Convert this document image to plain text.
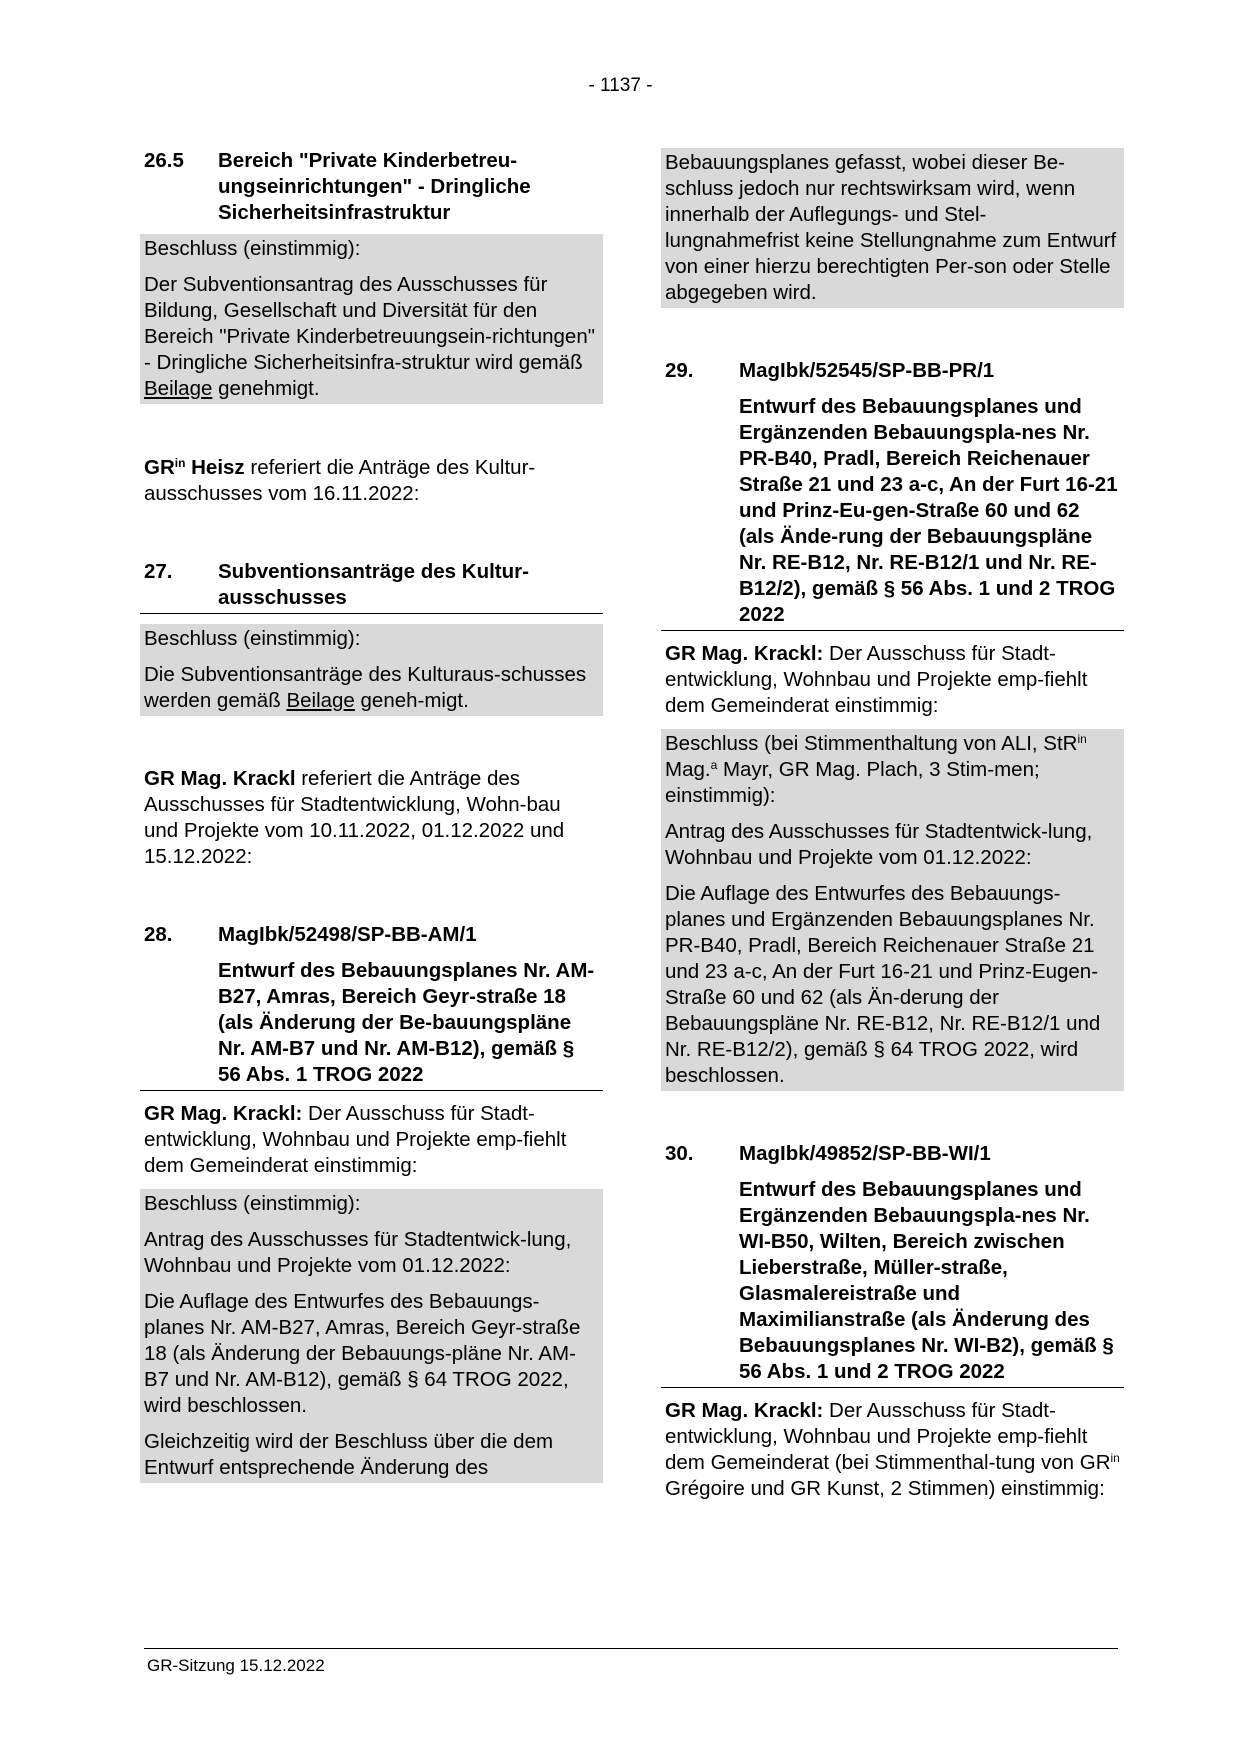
- 1137 -
26.5	Bereich "Private Kinderbetreu-ungseinrichtungen" - Dringliche Sicherheitsinfrastruktur

Beschluss (einstimmig):

Der Subventionsantrag des Ausschusses für Bildung, Gesellschaft und Diversität für den Bereich "Private Kinderbetreuungsein-richtungen" - Dringliche Sicherheitsinfra-struktur wird gemäß Beilage genehmigt.

$GR^{in}$ Heisz referiert die Anträge des Kultur-ausschusses vom 16.11.2022:

27.	Subventionsanträge des Kultur-ausschusses

Beschluss (einstimmig):

Die Subventionsanträge des Kulturaus-schusses werden gemäß Beilage geneh-migt.

GR Mag. Krackl referiert die Anträge des Ausschusses für Stadtentwicklung, Wohn-bau und Projekte vom 10.11.2022, 01.12.2022 und 15.12.2022:

28.	MagIbk/52498/SP-BB-AM/1
Entwurf des Bebauungsplanes Nr. AM-B27, Amras, Bereich Geyr-straße 18 (als Änderung der Be-bauungspläne Nr. AM-B7 und Nr. AM-B12), gemäß § 56 Abs. 1 TROG 2022

GR Mag. Krackl: Der Ausschuss für Stadt-entwicklung, Wohnbau und Projekte emp-fiehlt dem Gemeinderat einstimmig:

Beschluss (einstimmig):

Antrag des Ausschusses für Stadtentwick-lung, Wohnbau und Projekte vom 01.12.2022:

Die Auflage des Entwurfes des Bebauungs-planes Nr. AM-B27, Amras, Bereich Geyr-straße 18 (als Änderung der Bebauungs-pläne Nr. AM-B7 und Nr. AM-B12), gemäß § 64 TROG 2022, wird beschlossen.

Gleichzeitig wird der Beschluss über die dem Entwurf entsprechende Änderung des

Bebauungsplanes gefasst, wobei dieser Be-schluss jedoch nur rechtswirksam wird, wenn innerhalb der Auflegungs- und Stel-lungnahmefrist keine Stellungnahme zum Entwurf von einer hierzu berechtigten Per-son oder Stelle abgegeben wird.

29.	MagIbk/52545/SP-BB-PR/1
Entwurf des Bebauungsplanes und Ergänzenden Bebauungspla-nes Nr. PR-B40, Pradl, Bereich Reichenauer Straße 21 und 23 a-c, An der Furt 16-21 und Prinz-Eu-gen-Straße 60 und 62 (als Ände-rung der Bebauungspläne Nr. RE-B12, Nr. RE-B12/1 und Nr. RE-B12/2), gemäß § 56 Abs. 1 und 2 TROG 2022

GR Mag. Krackl: Der Ausschuss für Stadt-entwicklung, Wohnbau und Projekte emp-fiehlt dem Gemeinderat einstimmig:

Beschluss (bei Stimmenthaltung von ALI, StR$^{in}$ Mag.$^a$ Mayr, GR Mag. Plach, 3 Stim-men; einstimmig):

Antrag des Ausschusses für Stadtentwick-lung, Wohnbau und Projekte vom 01.12.2022:

Die Auflage des Entwurfes des Bebauungs-planes und Ergänzenden Bebauungsplanes Nr. PR-B40, Pradl, Bereich Reichenauer Straße 21 und 23 a-c, An der Furt 16-21 und Prinz-Eugen-Straße 60 und 62 (als Än-derung der Bebauungspläne Nr. RE-B12, Nr. RE-B12/1 und Nr. RE-B12/2), gemäß § 64 TROG 2022, wird beschlossen.

30.	MagIbk/49852/SP-BB-WI/1
Entwurf des Bebauungsplanes und Ergänzenden Bebauungspla-nes Nr. WI-B50, Wilten, Bereich zwischen Lieberstraße, Müller-straße, Glasmalereistraße und Maximilianstraße (als Änderung des Bebauungsplanes Nr. WI-B2), gemäß § 56 Abs. 1 und 2 TROG 2022

GR Mag. Krackl: Der Ausschuss für Stadt-entwicklung, Wohnbau und Projekte emp-fiehlt dem Gemeinderat (bei Stimmenthal-tung von $GR^{in}$ Grégoire und GR Kunst, 2 Stimmen) einstimmig:

GR-Sitzung 15.12.2022
